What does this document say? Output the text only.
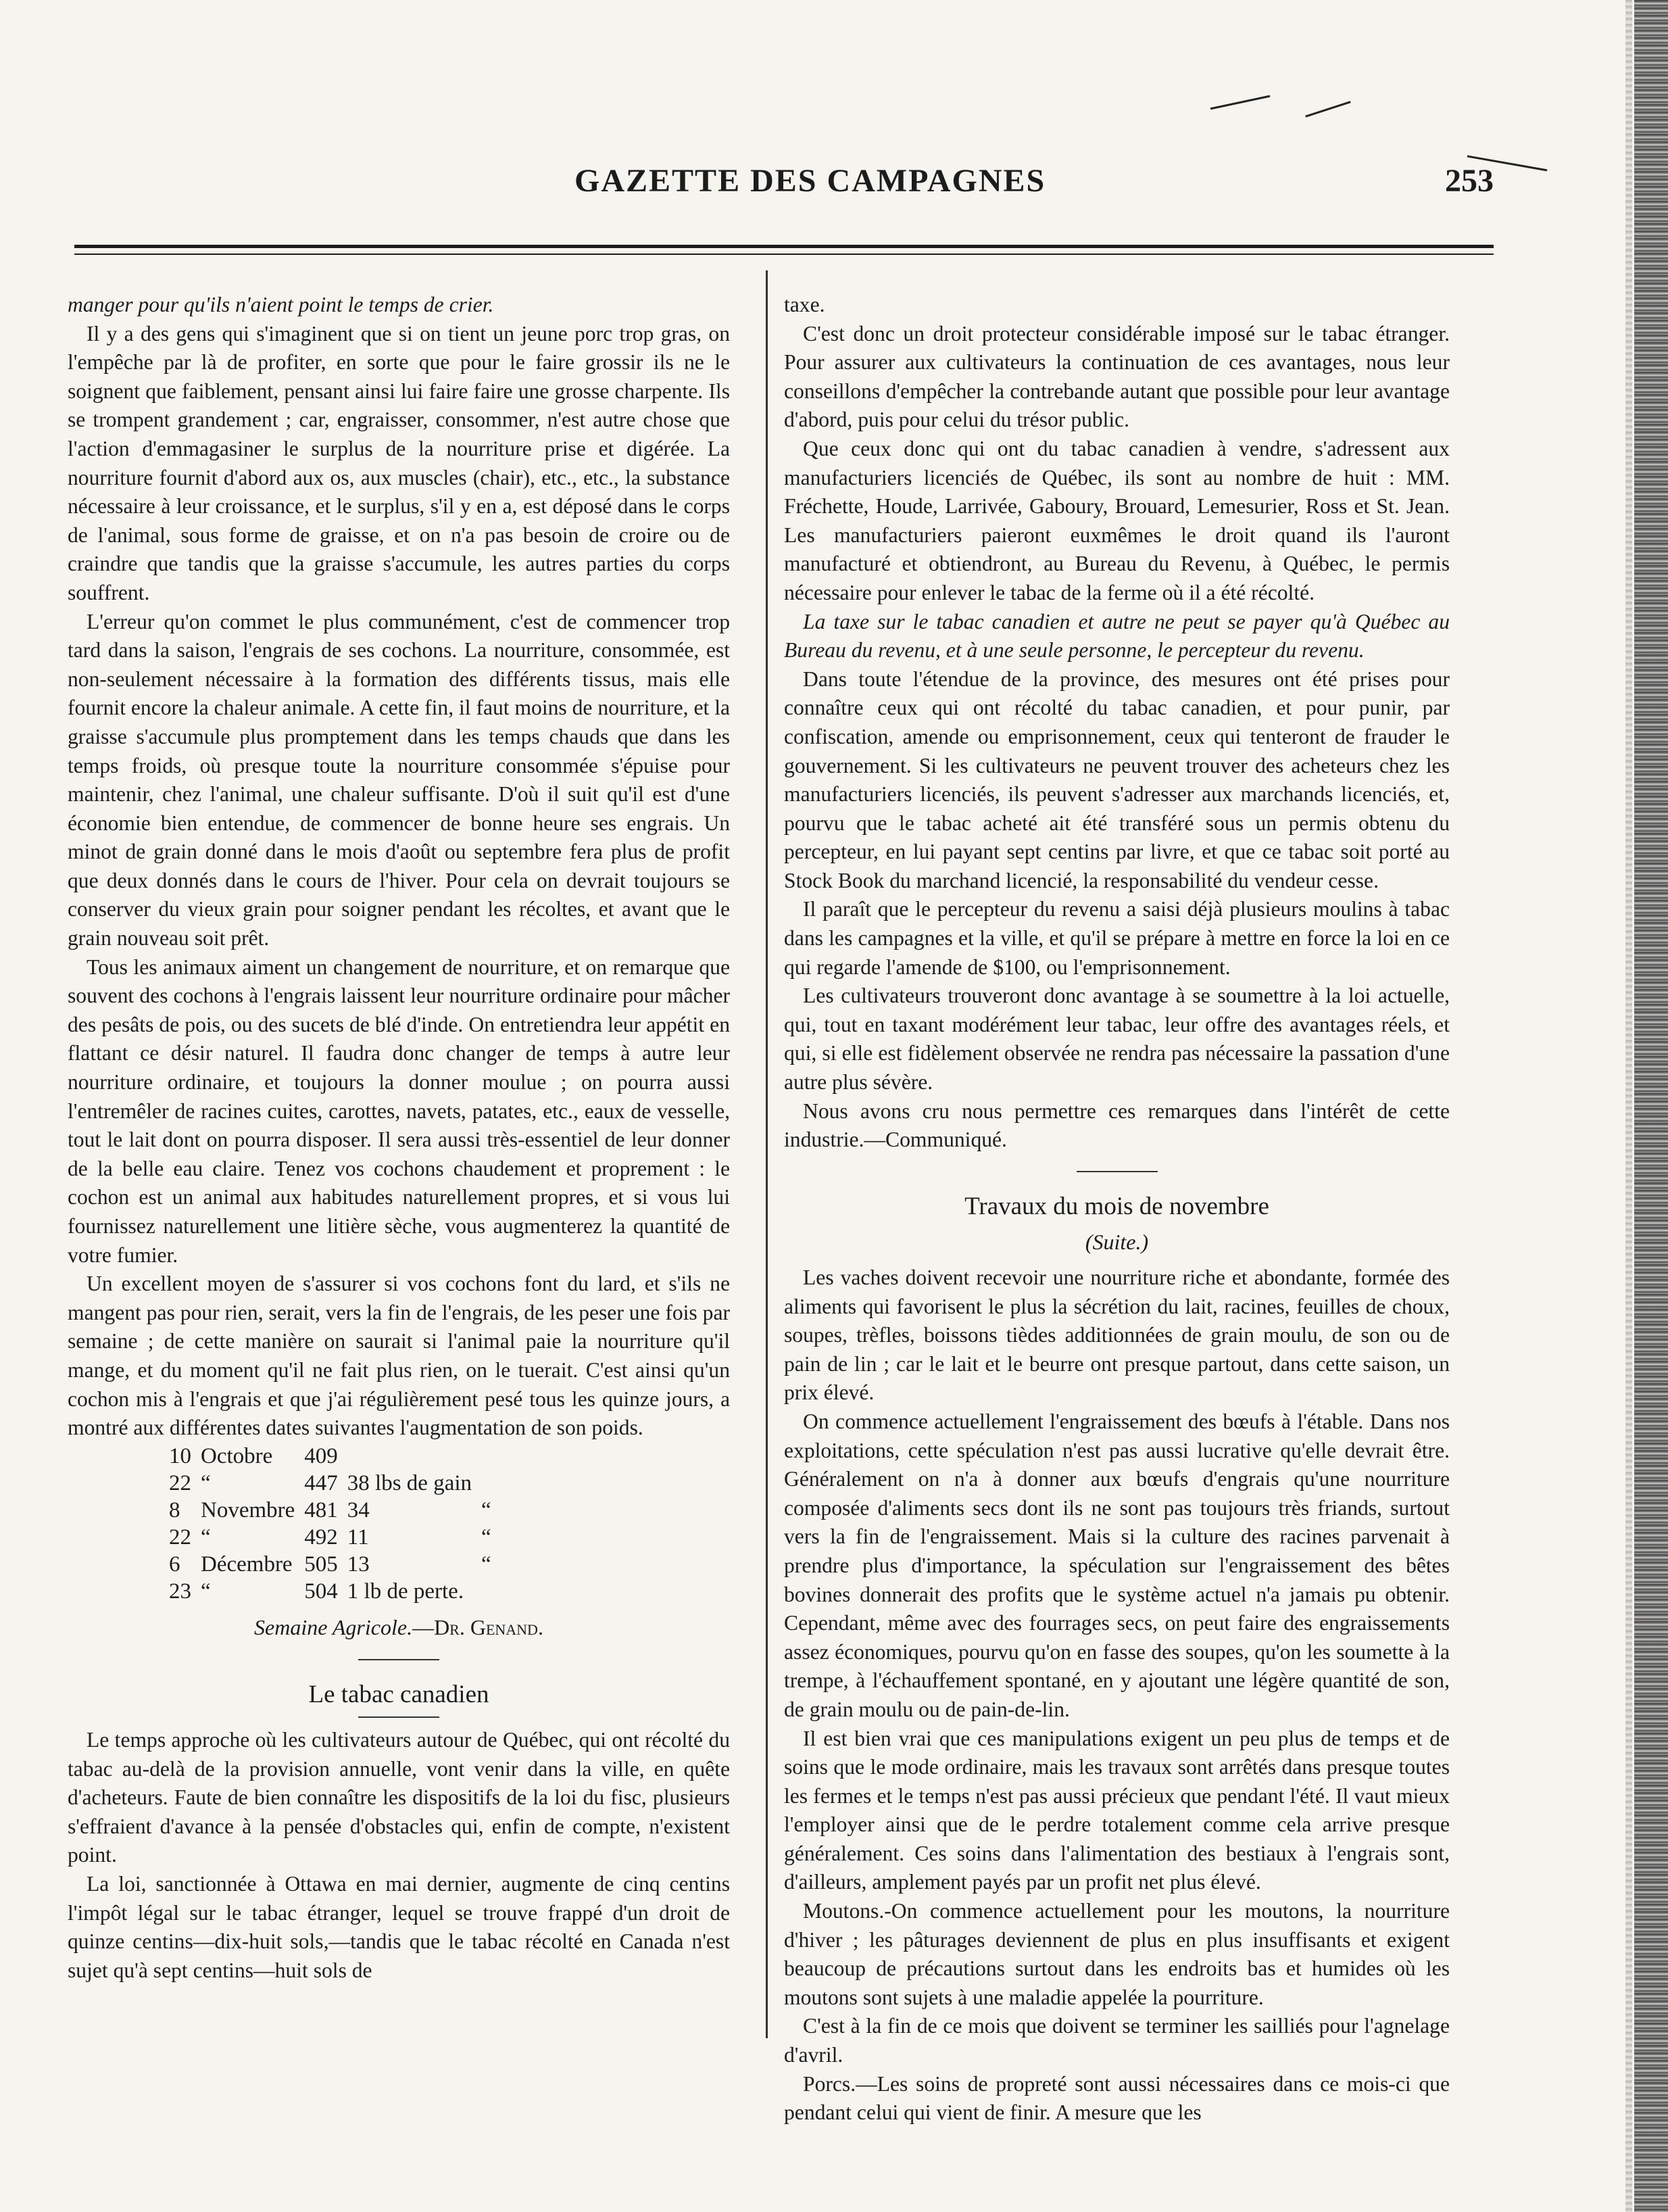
GAZETTE DES CAMPAGNES	253

manger pour qu'ils n'aient point le temps de crier.

Il y a des gens qui s'imaginent que si on tient un jeune porc trop gras, on l'empêche par là de profiter, en sorte que pour le faire grossir ils ne le soignent que faiblement, pensant ainsi lui faire faire une grosse charpente. Ils se trompent grandement ; car, engraisser, consommer, n'est autre chose que l'action d'emmagasiner le surplus de la nourriture prise et digérée. La nourriture fournit d'abord aux os, aux muscles (chair), etc., etc., la substance nécessaire à leur croissance, et le surplus, s'il y en a, est déposé dans le corps de l'animal, sous forme de graisse, et on n'a pas besoin de croire ou de craindre que tandis que la graisse s'accumule, les autres parties du corps souffrent.

L'erreur qu'on commet le plus communément, c'est de commencer trop tard dans la saison, l'engrais de ses cochons. La nourriture, consommée, est non-seulement nécessaire à la formation des différents tissus, mais elle fournit encore la chaleur animale. A cette fin, il faut moins de nourriture, et la graisse s'accumule plus promptement dans les temps chauds que dans les temps froids, où presque toute la nourriture consommée s'épuise pour maintenir, chez l'animal, une chaleur suffisante. D'où il suit qu'il est d'une économie bien entendue, de commencer de bonne heure ses engrais. Un minot de grain donné dans le mois d'août ou septembre fera plus de profit que deux donnés dans le cours de l'hiver. Pour cela on devrait toujours se conserver du vieux grain pour soigner pendant les récoltes, et avant que le grain nouveau soit prêt.

Tous les animaux aiment un changement de nourriture, et on remarque que souvent des cochons à l'engrais laissent leur nourriture ordinaire pour mâcher des pesâts de pois, ou des sucets de blé d'inde. On entretiendra leur appétit en flattant ce désir naturel. Il faudra donc changer de temps à autre leur nourriture ordinaire, et toujours la donner moulue ; on pourra aussi l'entremêler de racines cuites, carottes, navets, patates, etc., eaux de vesselle, tout le lait dont on pourra disposer. Il sera aussi très-essentiel de leur donner de la belle eau claire. Tenez vos cochons chaudement et proprement : le cochon est un animal aux habitudes naturellement propres, et si vous lui fournissez naturellement une litière sèche, vous augmenterez la quantité de votre fumier.

Un excellent moyen de s'assurer si vos cochons font du lard, et s'ils ne mangent pas pour rien, serait, vers la fin de l'engrais, de les peser une fois par semaine ; de cette manière on saurait si l'animal paie la nourriture qu'il mange, et du moment qu'il ne fait plus rien, on le tuerait. C'est ainsi qu'un cochon mis à l'engrais et que j'ai régulièrement pesé tous les quinze jours, a montré aux différentes dates suivantes l'augmentation de son poids.

10	Octobre	409		
22	“	447	38 lbs de gain	
8	Novembre	481	34	“
22	“	492	11	“
6	Décembre	505	13	“
23	“	504	1 lb de perte.	
Semaine Agricole.—Dr. Genand.
Le tabac canadien

Le temps approche où les cultivateurs autour de Québec, qui ont récolté du tabac au-delà de la provision annuelle, vont venir dans la ville, en quête d'acheteurs. Faute de bien connaître les dispositifs de la loi du fisc, plusieurs s'effraient d'avance à la pensée d'obstacles qui, enfin de compte, n'existent point.

La loi, sanctionnée à Ottawa en mai dernier, augmente de cinq centins l'impôt légal sur le tabac étranger, lequel se trouve frappé d'un droit de quinze centins—dix-huit sols,—tandis que le tabac récolté en Canada n'est sujet qu'à sept centins—huit sols de

taxe.

C'est donc un droit protecteur considérable imposé sur le tabac étranger. Pour assurer aux cultivateurs la continuation de ces avantages, nous leur conseillons d'empêcher la contrebande autant que possible pour leur avantage d'abord, puis pour celui du trésor public.

Que ceux donc qui ont du tabac canadien à vendre, s'adressent aux manufacturiers licenciés de Québec, ils sont au nombre de huit : MM. Fréchette, Houde, Larrivée, Gaboury, Brouard, Lemesurier, Ross et St. Jean. Les manufacturiers paieront euxmêmes le droit quand ils l'auront manufacturé et obtiendront, au Bureau du Revenu, à Québec, le permis nécessaire pour enlever le tabac de la ferme où il a été récolté.

La taxe sur le tabac canadien et autre ne peut se payer qu'à Québec au Bureau du revenu, et à une seule personne, le percepteur du revenu.

Dans toute l'étendue de la province, des mesures ont été prises pour connaître ceux qui ont récolté du tabac canadien, et pour punir, par confiscation, amende ou emprisonnement, ceux qui tenteront de frauder le gouvernement. Si les cultivateurs ne peuvent trouver des acheteurs chez les manufacturiers licenciés, ils peuvent s'adresser aux marchands licenciés, et, pourvu que le tabac acheté ait été transféré sous un permis obtenu du percepteur, en lui payant sept centins par livre, et que ce tabac soit porté au Stock Book du marchand licencié, la responsabilité du vendeur cesse.

Il paraît que le percepteur du revenu a saisi déjà plusieurs moulins à tabac dans les campagnes et la ville, et qu'il se prépare à mettre en force la loi en ce qui regarde l'amende de $100, ou l'emprisonnement.

Les cultivateurs trouveront donc avantage à se soumettre à la loi actuelle, qui, tout en taxant modérément leur tabac, leur offre des avantages réels, et qui, si elle est fidèlement observée ne rendra pas nécessaire la passation d'une autre plus sévère.

Nous avons cru nous permettre ces remarques dans l'intérêt de cette industrie.—Communiqué.

Travaux du mois de novembre
(Suite.)

Les vaches doivent recevoir une nourriture riche et abondante, formée des aliments qui favorisent le plus la sécrétion du lait, racines, feuilles de choux, soupes, trèfles, boissons tièdes additionnées de grain moulu, de son ou de pain de lin ; car le lait et le beurre ont presque partout, dans cette saison, un prix élevé.

On commence actuellement l'engraissement des bœufs à l'étable. Dans nos exploitations, cette spéculation n'est pas aussi lucrative qu'elle devrait être. Généralement on n'a à donner aux bœufs d'engrais qu'une nourriture composée d'aliments secs dont ils ne sont pas toujours très friands, surtout vers la fin de l'engraissement. Mais si la culture des racines parvenait à prendre plus d'importance, la spéculation sur l'engraissement des bêtes bovines donnerait des profits que le système actuel n'a jamais pu obtenir. Cependant, même avec des fourrages secs, on peut faire des engraissements assez économiques, pourvu qu'on en fasse des soupes, qu'on les soumette à la trempe, à l'échauffement spontané, en y ajoutant une légère quantité de son, de grain moulu ou de pain-de-lin.

Il est bien vrai que ces manipulations exigent un peu plus de temps et de soins que le mode ordinaire, mais les travaux sont arrêtés dans presque toutes les fermes et le temps n'est pas aussi précieux que pendant l'été. Il vaut mieux l'employer ainsi que de le perdre totalement comme cela arrive presque généralement. Ces soins dans l'alimentation des bestiaux à l'engrais sont, d'ailleurs, amplement payés par un profit net plus élevé.

Moutons.-On commence actuellement pour les moutons, la nourriture d'hiver ; les pâturages deviennent de plus en plus insuffisants et exigent beaucoup de précautions surtout dans les endroits bas et humides où les moutons sont sujets à une maladie appelée la pourriture.

C'est à la fin de ce mois que doivent se terminer les sailliés pour l'agnelage d'avril.

Porcs.—Les soins de propreté sont aussi nécessaires dans ce mois-ci que pendant celui qui vient de finir. A mesure que les
